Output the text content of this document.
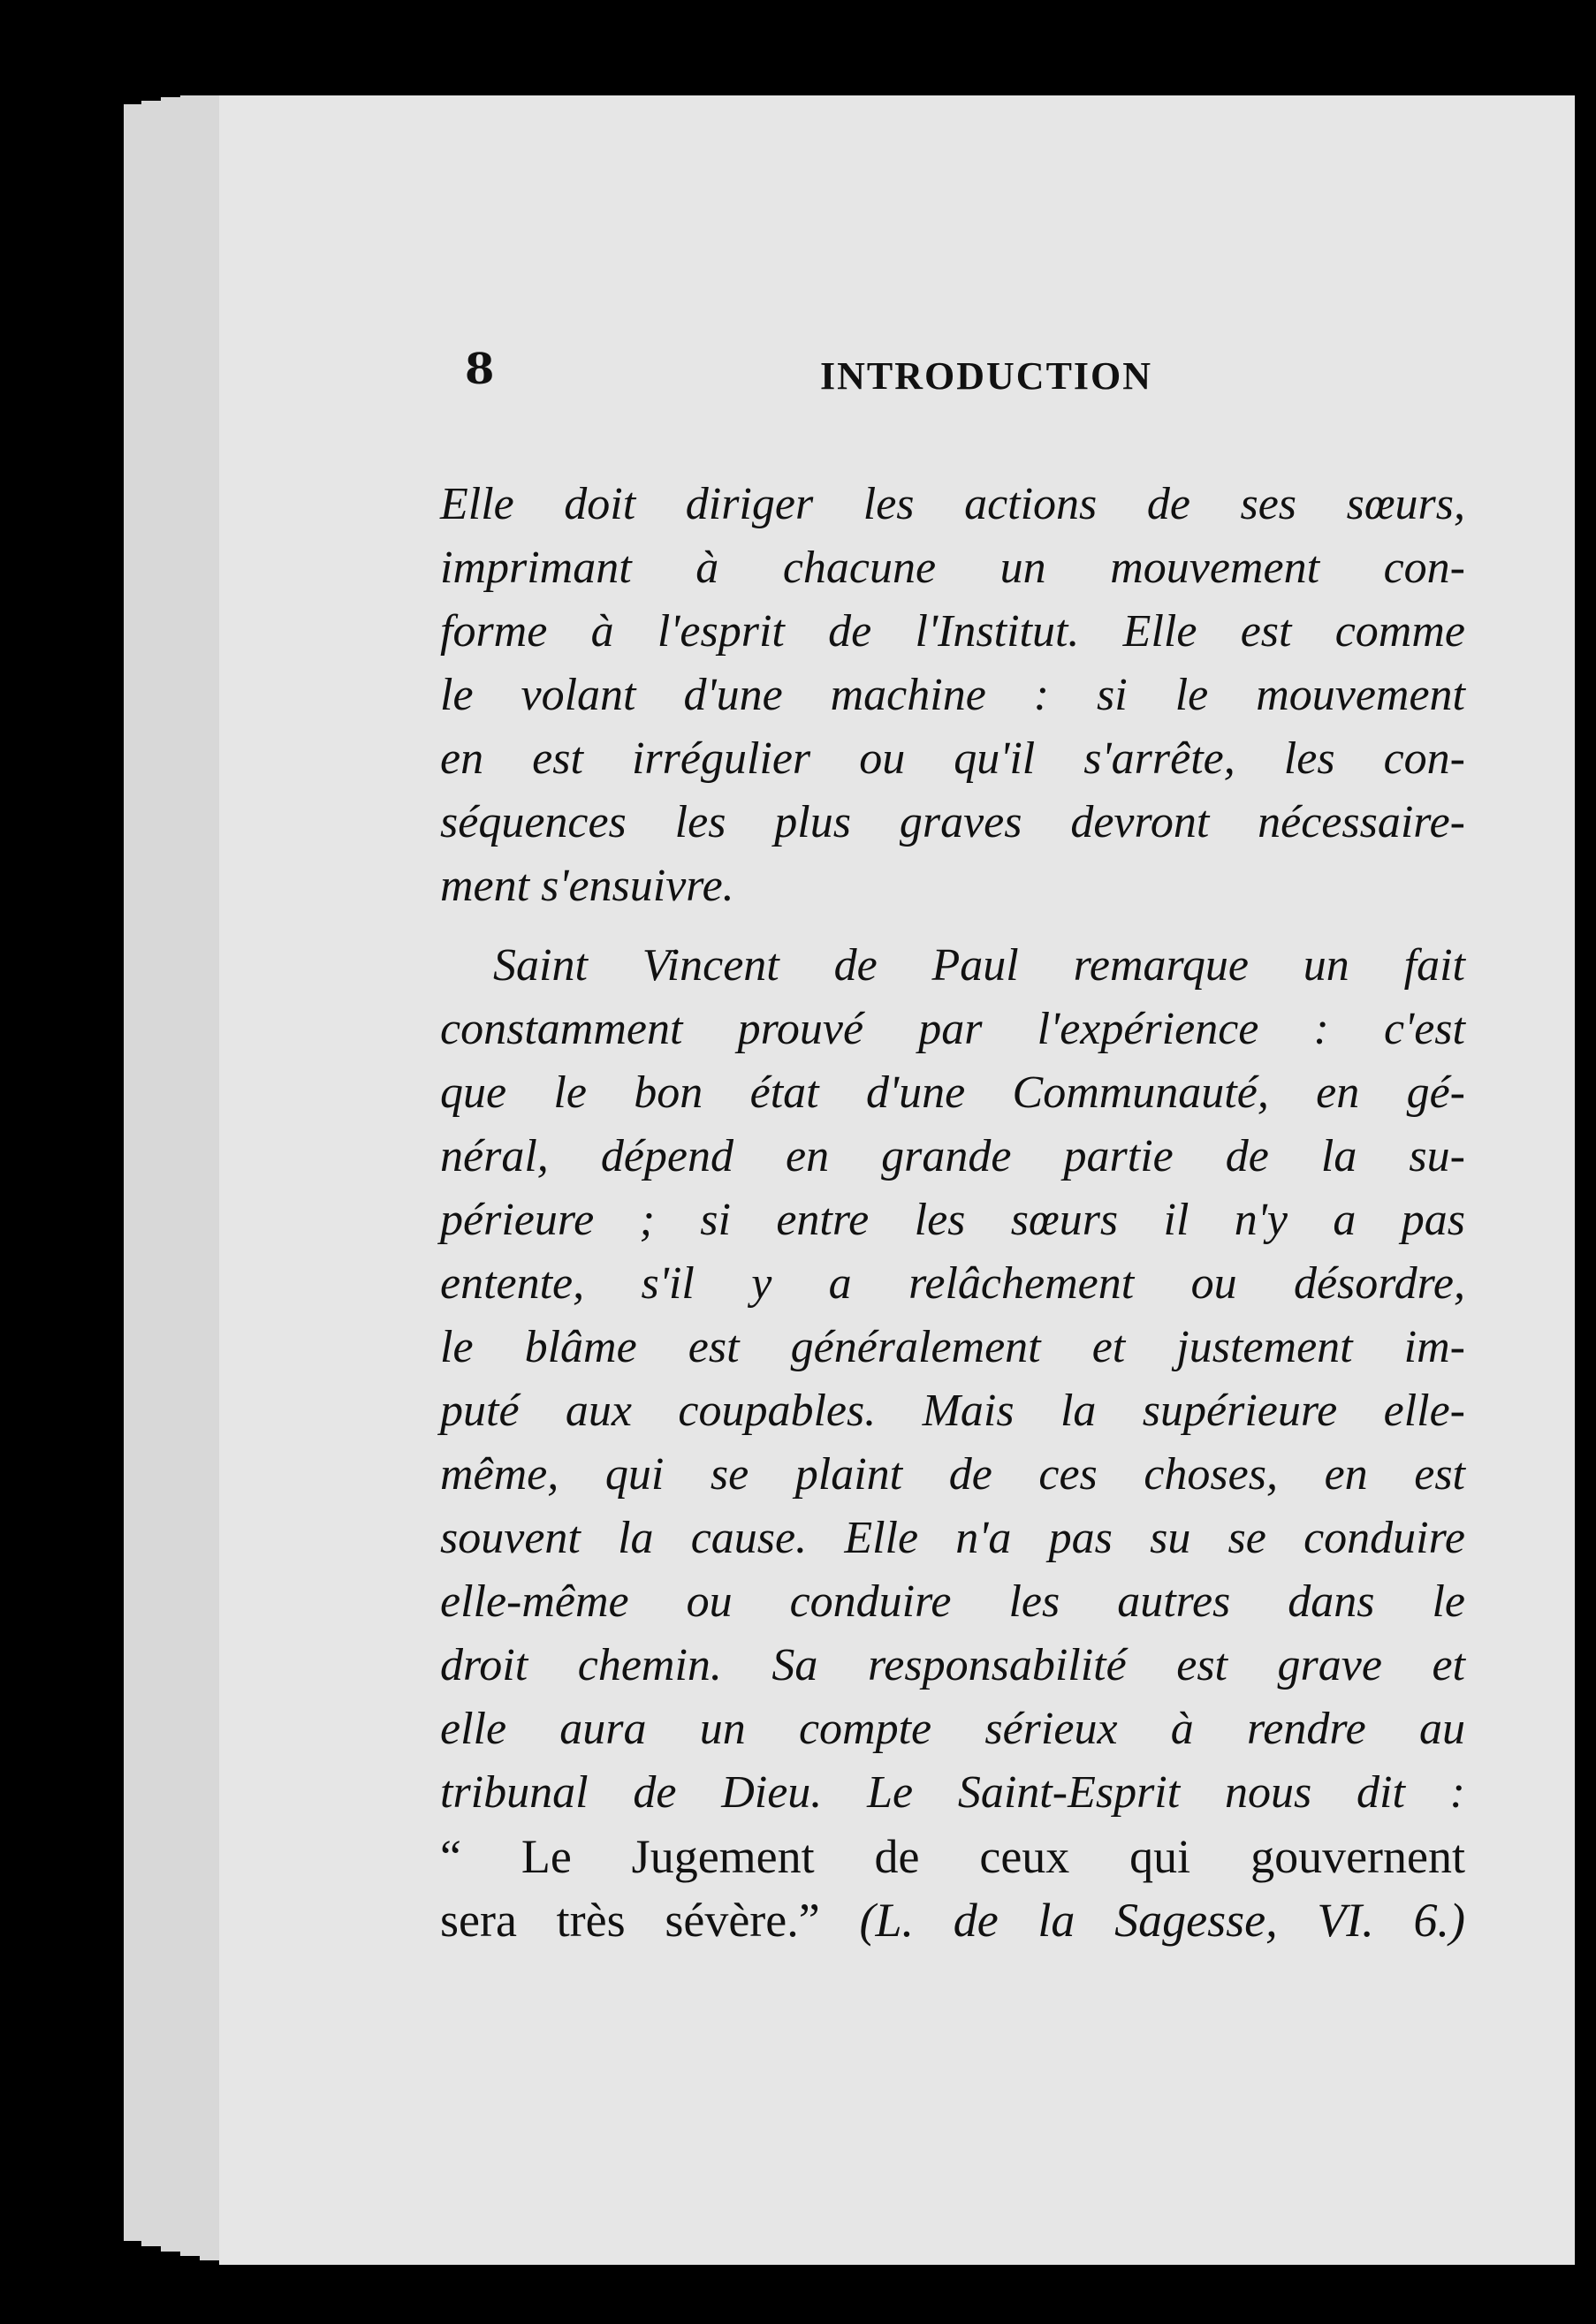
8	INTRODUCTION
Elle doit diriger les actions de ses sœurs,
imprimant à chacune un mouvement con-
forme à l'esprit de l'Institut. Elle est comme
le volant d'une machine : si le mouvement
en est irrégulier ou qu'il s'arrête, les con-
séquences les plus graves devront nécessaire-
ment s'ensuivre.
Saint Vincent de Paul remarque un fait
constamment prouvé par l'expérience : c'est
que le bon état d'une Communauté, en gé-
néral, dépend en grande partie de la su-
périeure ; si entre les sœurs il n'y a pas
entente, s'il y a relâchement ou désordre,
le blâme est généralement et justement im-
puté aux coupables. Mais la supérieure elle-
même, qui se plaint de ces choses, en est
souvent la cause. Elle n'a pas su se conduire
elle-même ou conduire les autres dans le
droit chemin. Sa responsabilité est grave et
elle aura un compte sérieux à rendre au
tribunal de Dieu. Le Saint-Esprit nous dit :
“ Le Jugement de ceux qui gouvernent
sera très sévère.” (L. de la Sagesse, VI. 6.)
